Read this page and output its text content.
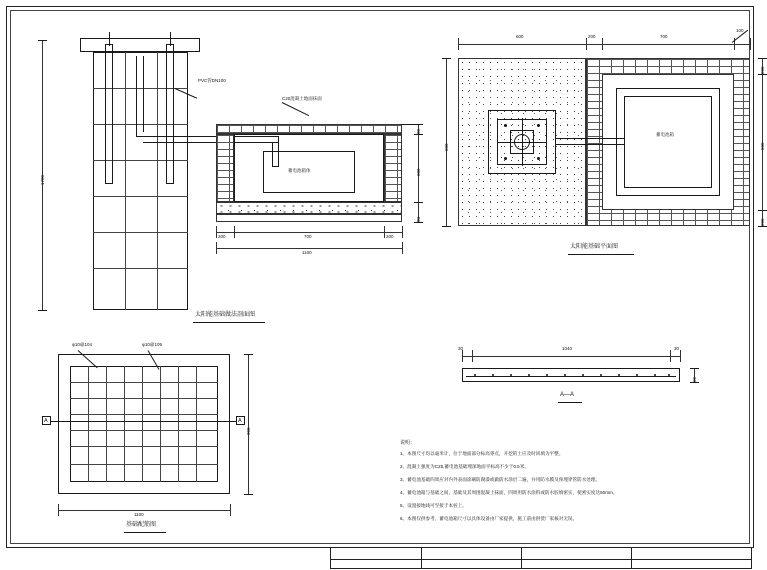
蓄电池箱体
PVC管DN100
C20混凝土地面抹面
1700
80
600
80
200	700	200
1100
太阳能基础做法剖面图
蓄电池箱
600	200	700
100
600
200
500
200
太阳能基础平面图
φ10@104	φ10@105
A	A
1100
900
基础配筋图
1040
30	30
60
A—A
说明：
1、本图尺寸均以毫米计，位于地面部分标高零点，开挖的土应及时回填为平整。
2、混凝土强度为C25,蓄电池基础埋深地面平标高不少于0.5米。
3、蓄电池基础四周应对内外表面涂刷防腐漆或做防水涂层二遍，并用防水膜及预埋穿管防水处理。
4、蓄电池箱与基础之间，基础及其周围混凝土抹面，四周用防水涂料或防水胶填密实，使密实度达50mm。
5、设置接地线可至接于本桩上。
6、本图仅供参考，蓄电池箱尺寸以具体设备由厂家提供，施工前由供货厂家核对无误。
